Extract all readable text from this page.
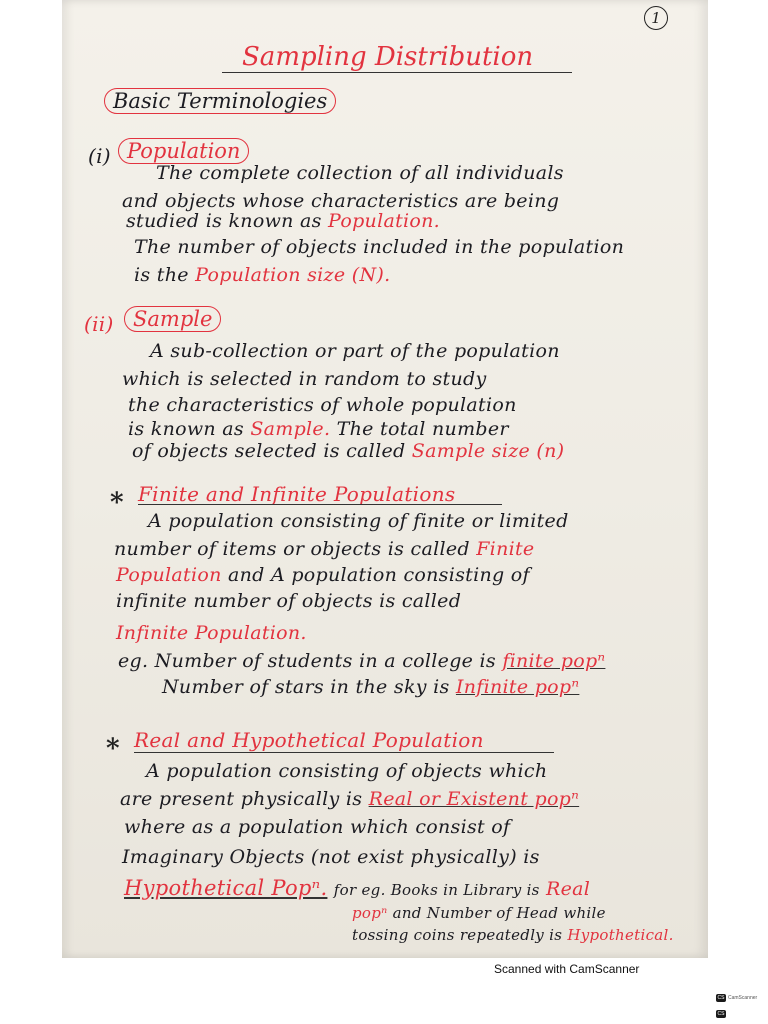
1
Sampling Distribution
Basic Terminologies
(i) Population
The complete collection of all individuals
and objects whose characteristics are being
studied is known as Population.
The number of objects included in the population
is the Population size (N).
(ii) Sample
A sub-collection or part of the population
which is selected in random to study
the characteristics of whole population
is known as Sample. The total number
of objects selected is called Sample size (n)
* Finite and Infinite Populations
A population consisting of finite or limited
number of items or objects is called Finite
Population and A population consisting of
infinite number of objects is called
Infinite Population.
eg. Number of students in a college is finite popⁿ
Number of stars in the sky is Infinite popⁿ
* Real and Hypothetical Population
A population consisting of objects which
are present physically is Real or Existent popⁿ
where as a population which consist of
Imaginary Objects (not exist physically) is
Hypothetical Popⁿ. for eg. Books in Library is Real
popⁿ and Number of Head while
tossing coins repeatedly is Hypothetical.
Scanned with CamScanner
CS CamScanner
CS
